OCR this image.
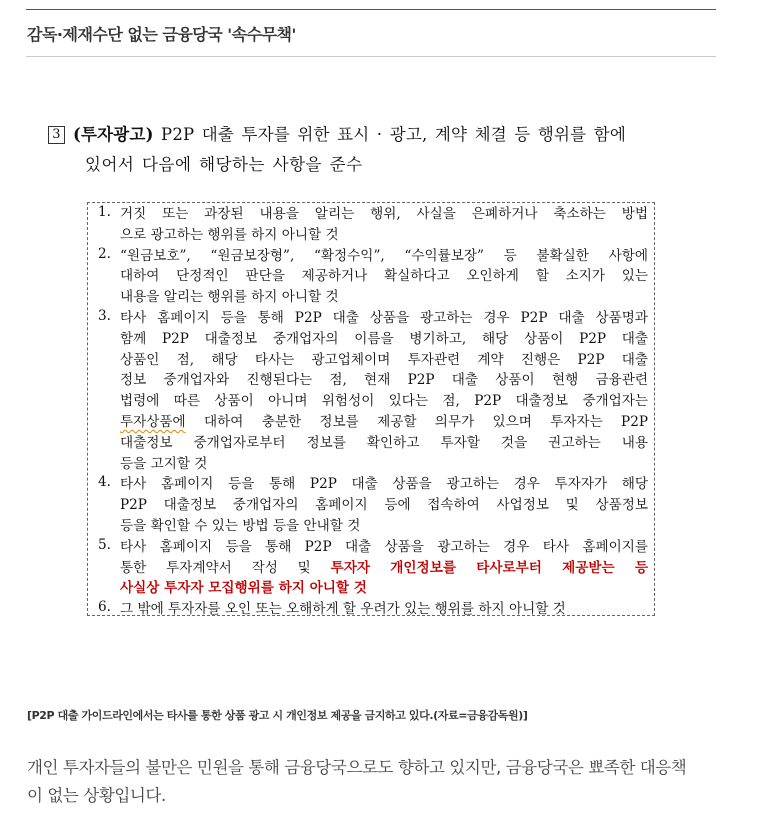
감독·제재수단 없는 금융당국 '속수무책'
3 (투자광고) P2P 대출 투자를 위한 표시 · 광고, 계약 체결 등 행위를 함에
있어서 다음에 해당하는 사항을 준수
1. 거짓 또는 과장된 내용을 알리는 행위, 사실을 은폐하거나 축소하는 방법
으로 광고하는 행위를 하지 아니할 것
2. “원금보호”, “원금보장형”, “확정수익”, “수익률보장” 등 불확실한 사항에
대하여 단정적인 판단을 제공하거나 확실하다고 오인하게 할 소지가 있는
내용을 알리는 행위를 하지 아니할 것
3. 타사 홈페이지 등을 통해 P2P 대출 상품을 광고하는 경우 P2P 대출 상품명과
함께 P2P 대출정보 중개업자의 이름을 병기하고, 해당 상품이 P2P 대출
상품인 점, 해당 타사는 광고업체이며 투자관련 계약 진행은 P2P 대출
정보 중개업자와 진행된다는 점, 현재 P2P 대출 상품이 현행 금융관련
법령에 따른 상품이 아니며 위험성이 있다는 점, P2P 대출정보 중개업자는
투자상품에 대하여 충분한 정보를 제공할 의무가 있으며 투자자는 P2P
대출정보 중개업자로부터 정보를 확인하고 투자할 것을 권고하는 내용
등을 고지할 것
4. 타사 홈페이지 등을 통해 P2P 대출 상품을 광고하는 경우 투자자가 해당
P2P 대출정보 중개업자의 홈페이지 등에 접속하여 사업정보 및 상품정보
등을 확인할 수 있는 방법 등을 안내할 것
5. 타사 홈페이지 등을 통해 P2P 대출 상품을 광고하는 경우 타사 홈페이지를
통한 투자계약서 작성 및 투자자 개인정보를 타사로부터 제공받는 등
사실상 투자자 모집행위를 하지 아니할 것
6. 그 밖에 투자자를 오인 또는 오해하게 할 우려가 있는 행위를 하지 아니할 것
[P2P 대출 가이드라인에서는 타사를 통한 상품 광고 시 개인정보 제공을 금지하고 있다.(자료=금융감독원)]
개인 투자자들의 불만은 민원을 통해 금융당국으로도 향하고 있지만, 금융당국은 뾰족한 대응책
이 없는 상황입니다.
